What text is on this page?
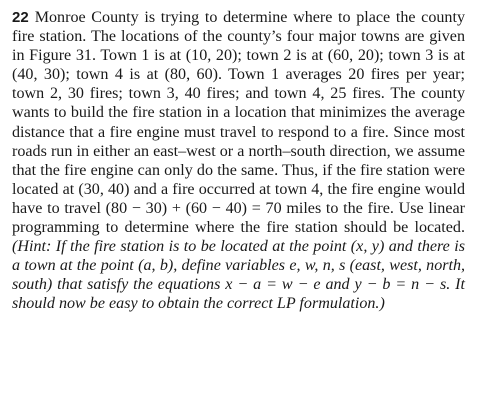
22 Monroe County is trying to determine where to place the county fire station. The locations of the county’s four major towns are given in Figure 31. Town 1 is at (10, 20); town 2 is at (60, 20); town 3 is at (40, 30); town 4 is at (80, 60). Town 1 averages 20 fires per year; town 2, 30 fires; town 3, 40 fires; and town 4, 25 fires. The county wants to build the fire station in a location that minimizes the average distance that a fire engine must travel to respond to a fire. Since most roads run in either an east–west or a north–south direction, we assume that the fire engine can only do the same. Thus, if the fire station were located at (30, 40) and a fire occurred at town 4, the fire engine would have to travel (80 − 30) + (60 − 40) = 70 miles to the fire. Use linear programming to determine where the fire station should be located. (Hint: If the fire station is to be located at the point (x, y) and there is a town at the point (a, b), define variables e, w, n, s (east, west, north, south) that satisfy the equations x − a = w − e and y − b = n − s. It should now be easy to obtain the correct LP formulation.)
